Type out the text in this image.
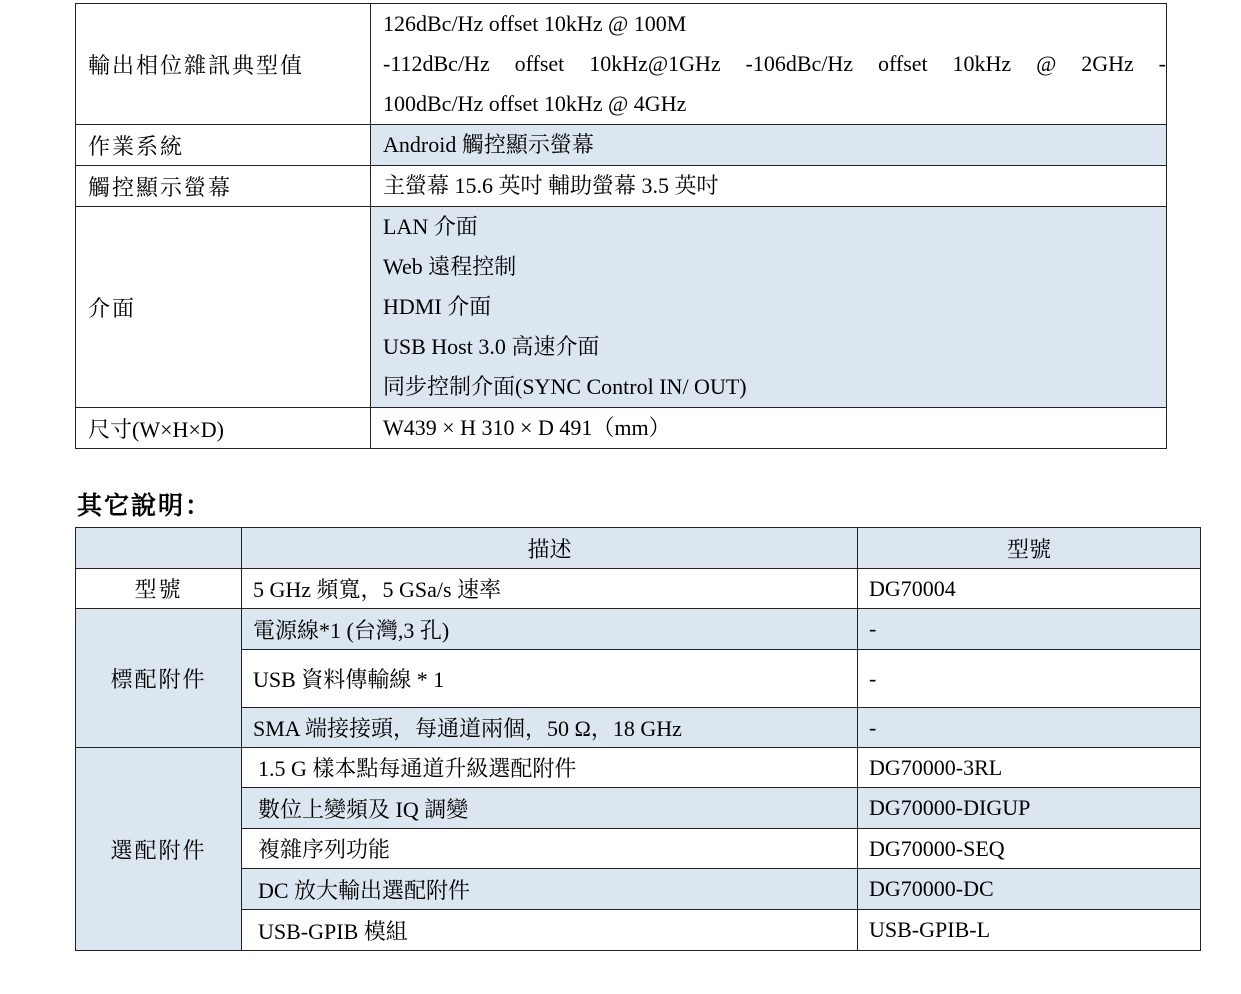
輸出相位雜訊典型值	126dBc/Hz offset 10kHz @ 100M
-112dBc/Hz offset 10kHz@1GHz -106dBc/Hz offset 10kHz @ 2GHz -
100dBc/Hz offset 10kHz @ 4GHz

作業系統	Android 觸控顯示螢幕

觸控顯示螢幕	主螢幕 15.6 英吋 輔助螢幕 3.5 英吋

介面	LAN 介面
Web 遠程控制
HDMI 介面
USB Host 3.0 高速介面
同步控制介面(SYNC Control IN/ OUT)

尺寸(W×H×D)	W439 × H 310 × D 491（mm）
其它說明：
	描述	型號
型號	5 GHz 頻寬，5 GSa/s 速率	DG70004
標配附件	電源線*1 (台灣,3 孔)	-
	USB 資料傳輸線 * 1	-
	SMA 端接接頭，每通道兩個，50 Ω，18 GHz	-
選配附件	1.5 G 樣本點每通道升級選配附件	DG70000-3RL
	數位上變頻及 IQ 調變	DG70000-DIGUP
	複雜序列功能	DG70000-SEQ
	DC 放大輸出選配附件	DG70000-DC
	USB-GPIB 模組	USB-GPIB-L
